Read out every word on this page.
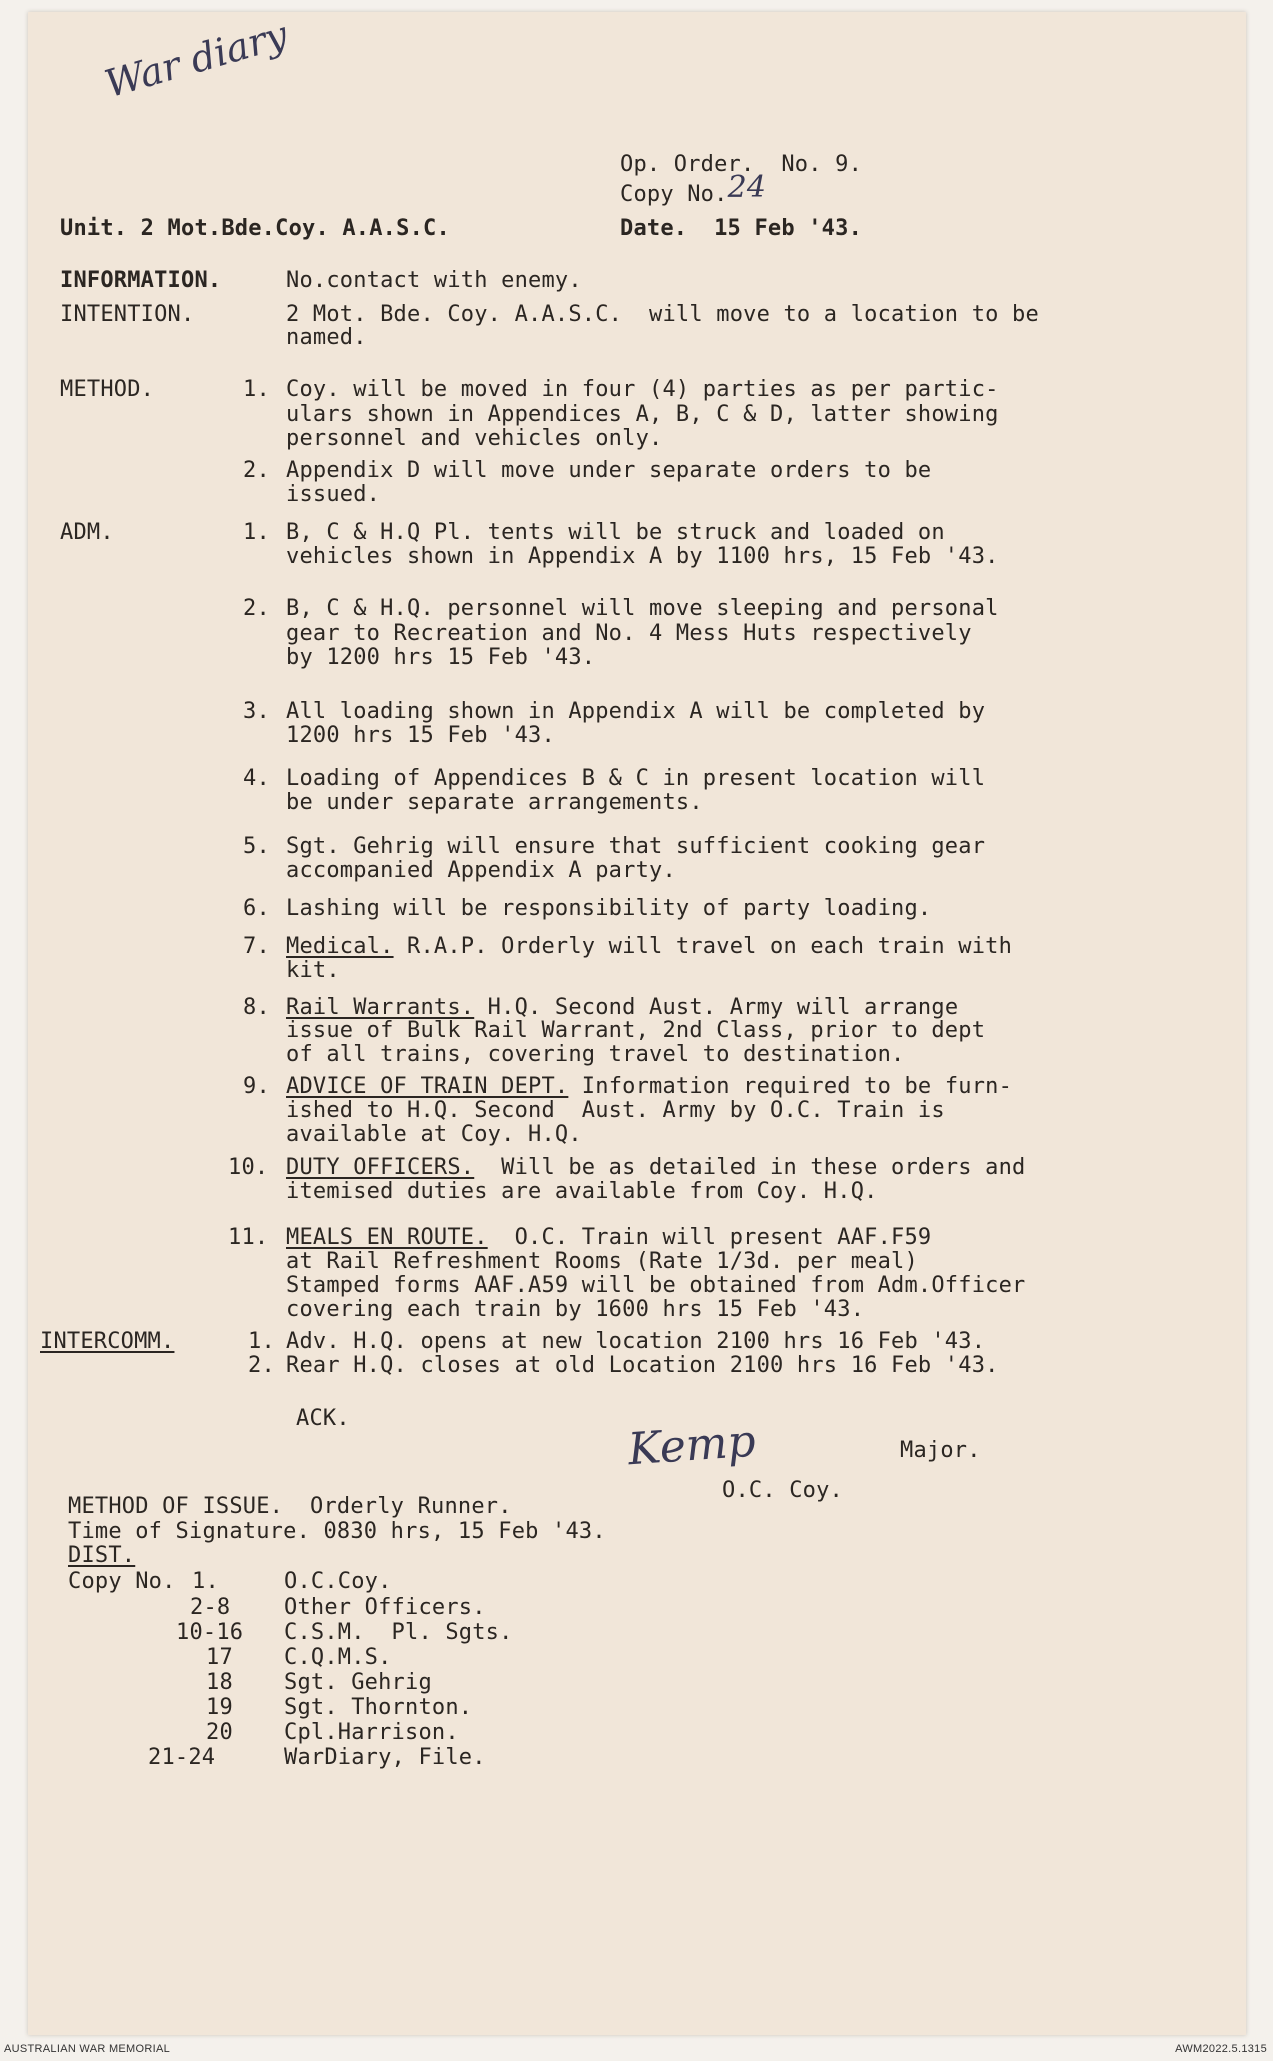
War diary
Op. Order.  No. 9.
Copy No.24
Unit. 2 Mot.Bde.Coy. A.A.S.C.	Date.  15 Feb '43.
INFORMATION.	No.contact with enemy.
INTENTION.	2 Mot. Bde. Coy. A.A.S.C.  will move to a location to be
named.
METHOD.	1. Coy. will be moved in four (4) parties as per partic-
ulars shown in Appendices A, B, C & D, latter showing
personnel and vehicles only.
2. Appendix D will move under separate orders to be
issued.
ADM.	1. B, C & H.Q Pl. tents will be struck and loaded on
vehicles shown in Appendix A by 1100 hrs, 15 Feb '43.
2. B, C & H.Q. personnel will move sleeping and personal
gear to Recreation and No. 4 Mess Huts respectively
by 1200 hrs 15 Feb '43.
3. All loading shown in Appendix A will be completed by
1200 hrs 15 Feb '43.
4. Loading of Appendices B & C in present location will
be under separate arrangements.
5. Sgt. Gehrig will ensure that sufficient cooking gear
accompanied Appendix A party.
6. Lashing will be responsibility of party loading.
7. Medical. R.A.P. Orderly will travel on each train with
kit.
8. Rail Warrants. H.Q. Second Aust. Army will arrange
issue of Bulk Rail Warrant, 2nd Class, prior to dept
of all trains, covering travel to destination.
9. ADVICE OF TRAIN DEPT. Information required to be furn-
ished to H.Q. Second  Aust. Army by O.C. Train is
available at Coy. H.Q.
10. DUTY OFFICERS.  Will be as detailed in these orders and
itemised duties are available from Coy. H.Q.
11. MEALS EN ROUTE.  O.C. Train will present AAF.F59
at Rail Refreshment Rooms (Rate 1/3d. per meal)
Stamped forms AAF.A59 will be obtained from Adm.Officer
covering each train by 1600 hrs 15 Feb '43.
INTERCOMM.	1. Adv. H.Q. opens at new location 2100 hrs 16 Feb '43.
2. Rear H.Q. closes at old Location 2100 hrs 16 Feb '43.
ACK.	Kemp	Major.
O.C. Coy.
METHOD OF ISSUE.  Orderly Runner.
Time of Signature. 0830 hrs, 15 Feb '43.
DIST.
Copy No. 1.	O.C.Coy.
2-8 Other Officers.
10-16 C.S.M.  Pl. Sgts.
17 C.Q.M.S.
18 Sgt. Gehrig
19 Sgt. Thornton.
20 Cpl.Harrison.
21-24	WarDiary, File.
AUSTRALIAN WAR MEMORIAL	AWM2022.5.1315
